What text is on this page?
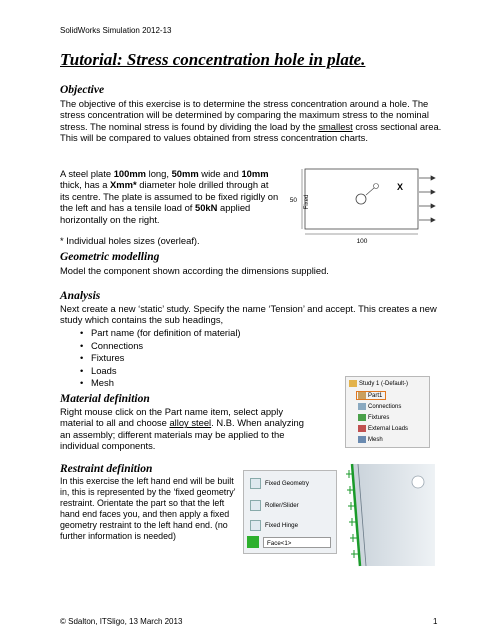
SolidWorks Simulation 2012-13
Tutorial: Stress concentration hole in plate.
Objective

The objective of this exercise is to determine the stress concentration around a hole. The stress concentration will be determined by comparing the maximum stress to the nominal stress. The nominal stress is found by dividing the load by the smallest cross sectional area.

This will be compared to values obtained from stress concentration charts.

A steel plate 100mm long, 50mm wide and 10mm thick, has a Xmm* diameter hole drilled through at its centre. The plate is assumed to be fixed rigidly on the left and has a tensile load of 50kN applied horizontally on the right.
* Individual holes sizes (overleaf).
X
Fixed
50
100
Geometric modelling
Model the component shown according the dimensions supplied.
Analysis
Next create a new ‘static’ study. Specify the name ‘Tension’ and accept. This creates a new study which contains the sub headings,
• Part name (for definition of material)
• Connections
• Fixtures
• Loads
• Mesh
Material definition
Right mouse click on the Part name item, select apply material to all and choose alloy steel. N.B. When analyzing an assembly; different materials may be applied to the individual components.
Study 1 (-Default-)
Part1
Connections
Fixtures
External Loads
Mesh
Restraint definition
In this exercise the left hand end will be built in, this is represented by the ‘fixed geometry’ restraint. Orientate the part so that the left hand end faces you, and then apply a fixed geometry restraint to the left hand end. (no further information is needed)
Fixed Geometry
Roller/Slider
Fixed Hinge
Face<1>
© Sdalton, ITSligo, 13 March 2013	1
